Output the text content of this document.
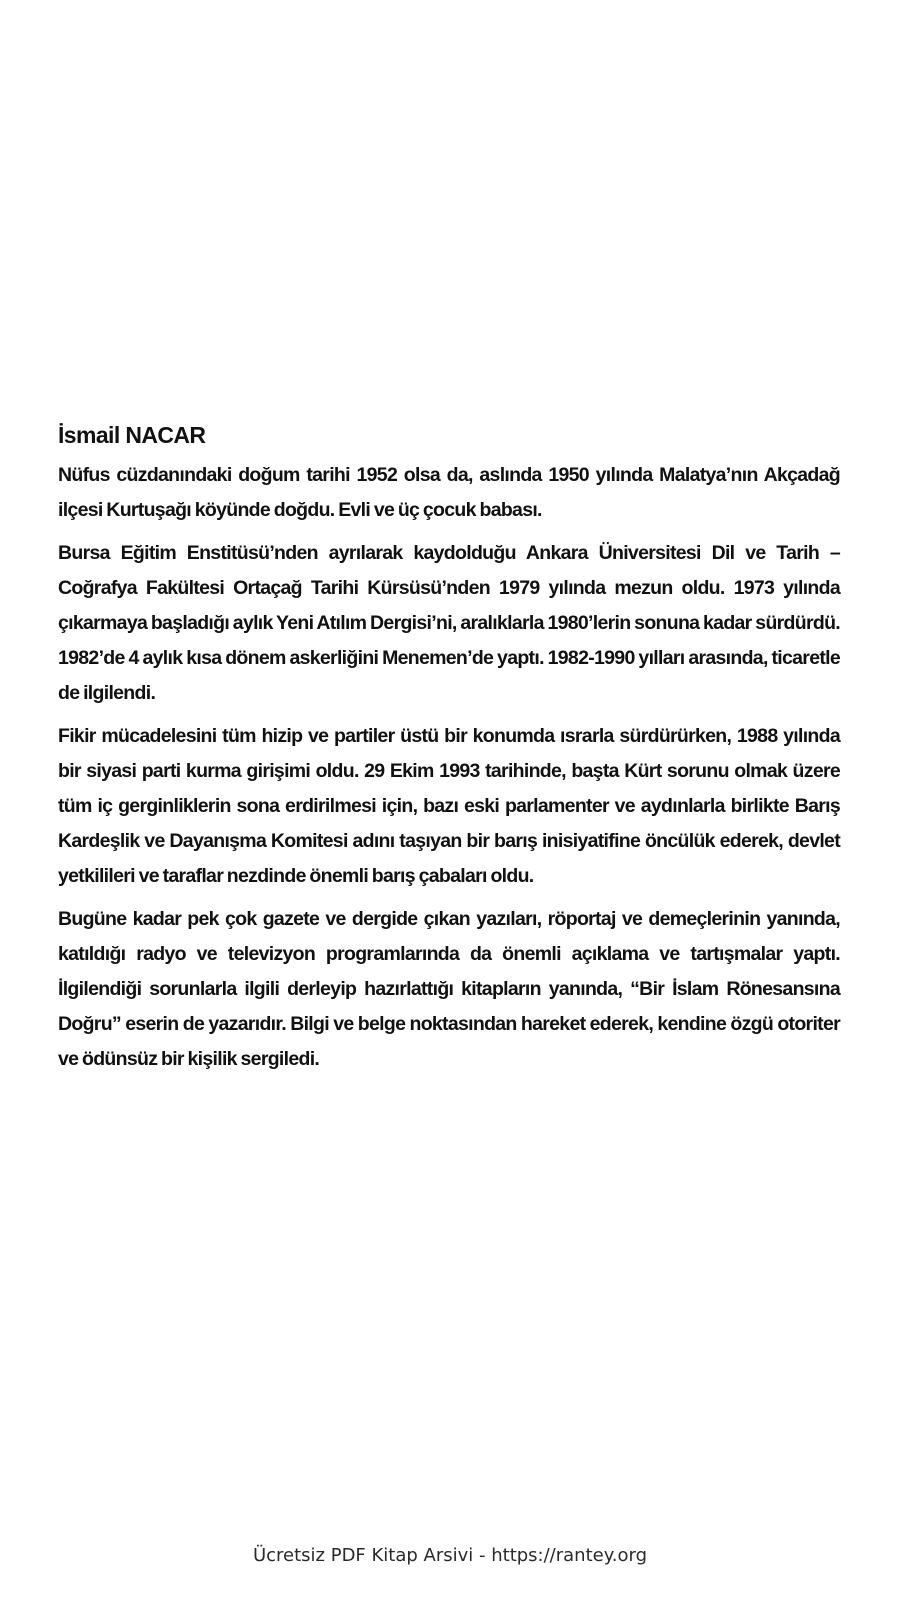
İsmail NACAR

Nüfus cüzdanındaki doğum tarihi 1952 olsa da, aslında 1950 yılında Malatya’nın Akçadağ ilçesi Kurtuşağı köyünde doğdu. Evli ve üç çocuk babası.

Bursa Eğitim Enstitüsü’nden ayrılarak kaydolduğu Ankara Üniversitesi Dil ve Tarih – Coğrafya Fakültesi Ortaçağ Tarihi Kürsüsü’nden 1979 yılında mezun oldu. 1973 yılında çıkarmaya başladığı aylık Yeni Atılım Dergisi’ni, aralıklarla 1980’lerin sonuna kadar sürdürdü. 1982’de 4 aylık kısa dönem askerliğini Menemen’de yaptı. 1982-1990 yılları arasında, ticaretle de ilgilendi.

Fikir mücadelesini tüm hizip ve partiler üstü bir konumda ısrarla sürdürürken, 1988 yılında bir siyasi parti kurma girişimi oldu. 29 Ekim 1993 tarihinde, başta Kürt sorunu olmak üzere tüm iç gerginliklerin sona erdirilmesi için, bazı eski parlamenter ve aydınlarla birlikte Barış Kardeşlik ve Dayanışma Komitesi adını taşıyan bir barış inisiyatifine öncülük ederek, devlet yetkilileri ve taraflar nezdinde önemli barış çabaları oldu.

Bugüne kadar pek çok gazete ve dergide çıkan yazıları, röportaj ve demeçlerinin yanında, katıldığı radyo ve televizyon programlarında da önemli açıklama ve tartışmalar yaptı. İlgilendiği sorunlarla ilgili derleyip hazırlattığı kitapların yanında, “Bir İslam Rönesansına Doğru” eserin de yazarıdır. Bilgi ve belge noktasından hareket ederek, kendine özgü otoriter ve ödünsüz bir kişilik sergiledi.

Ücretsiz PDF Kitap Arsivi - https://rantey.org
